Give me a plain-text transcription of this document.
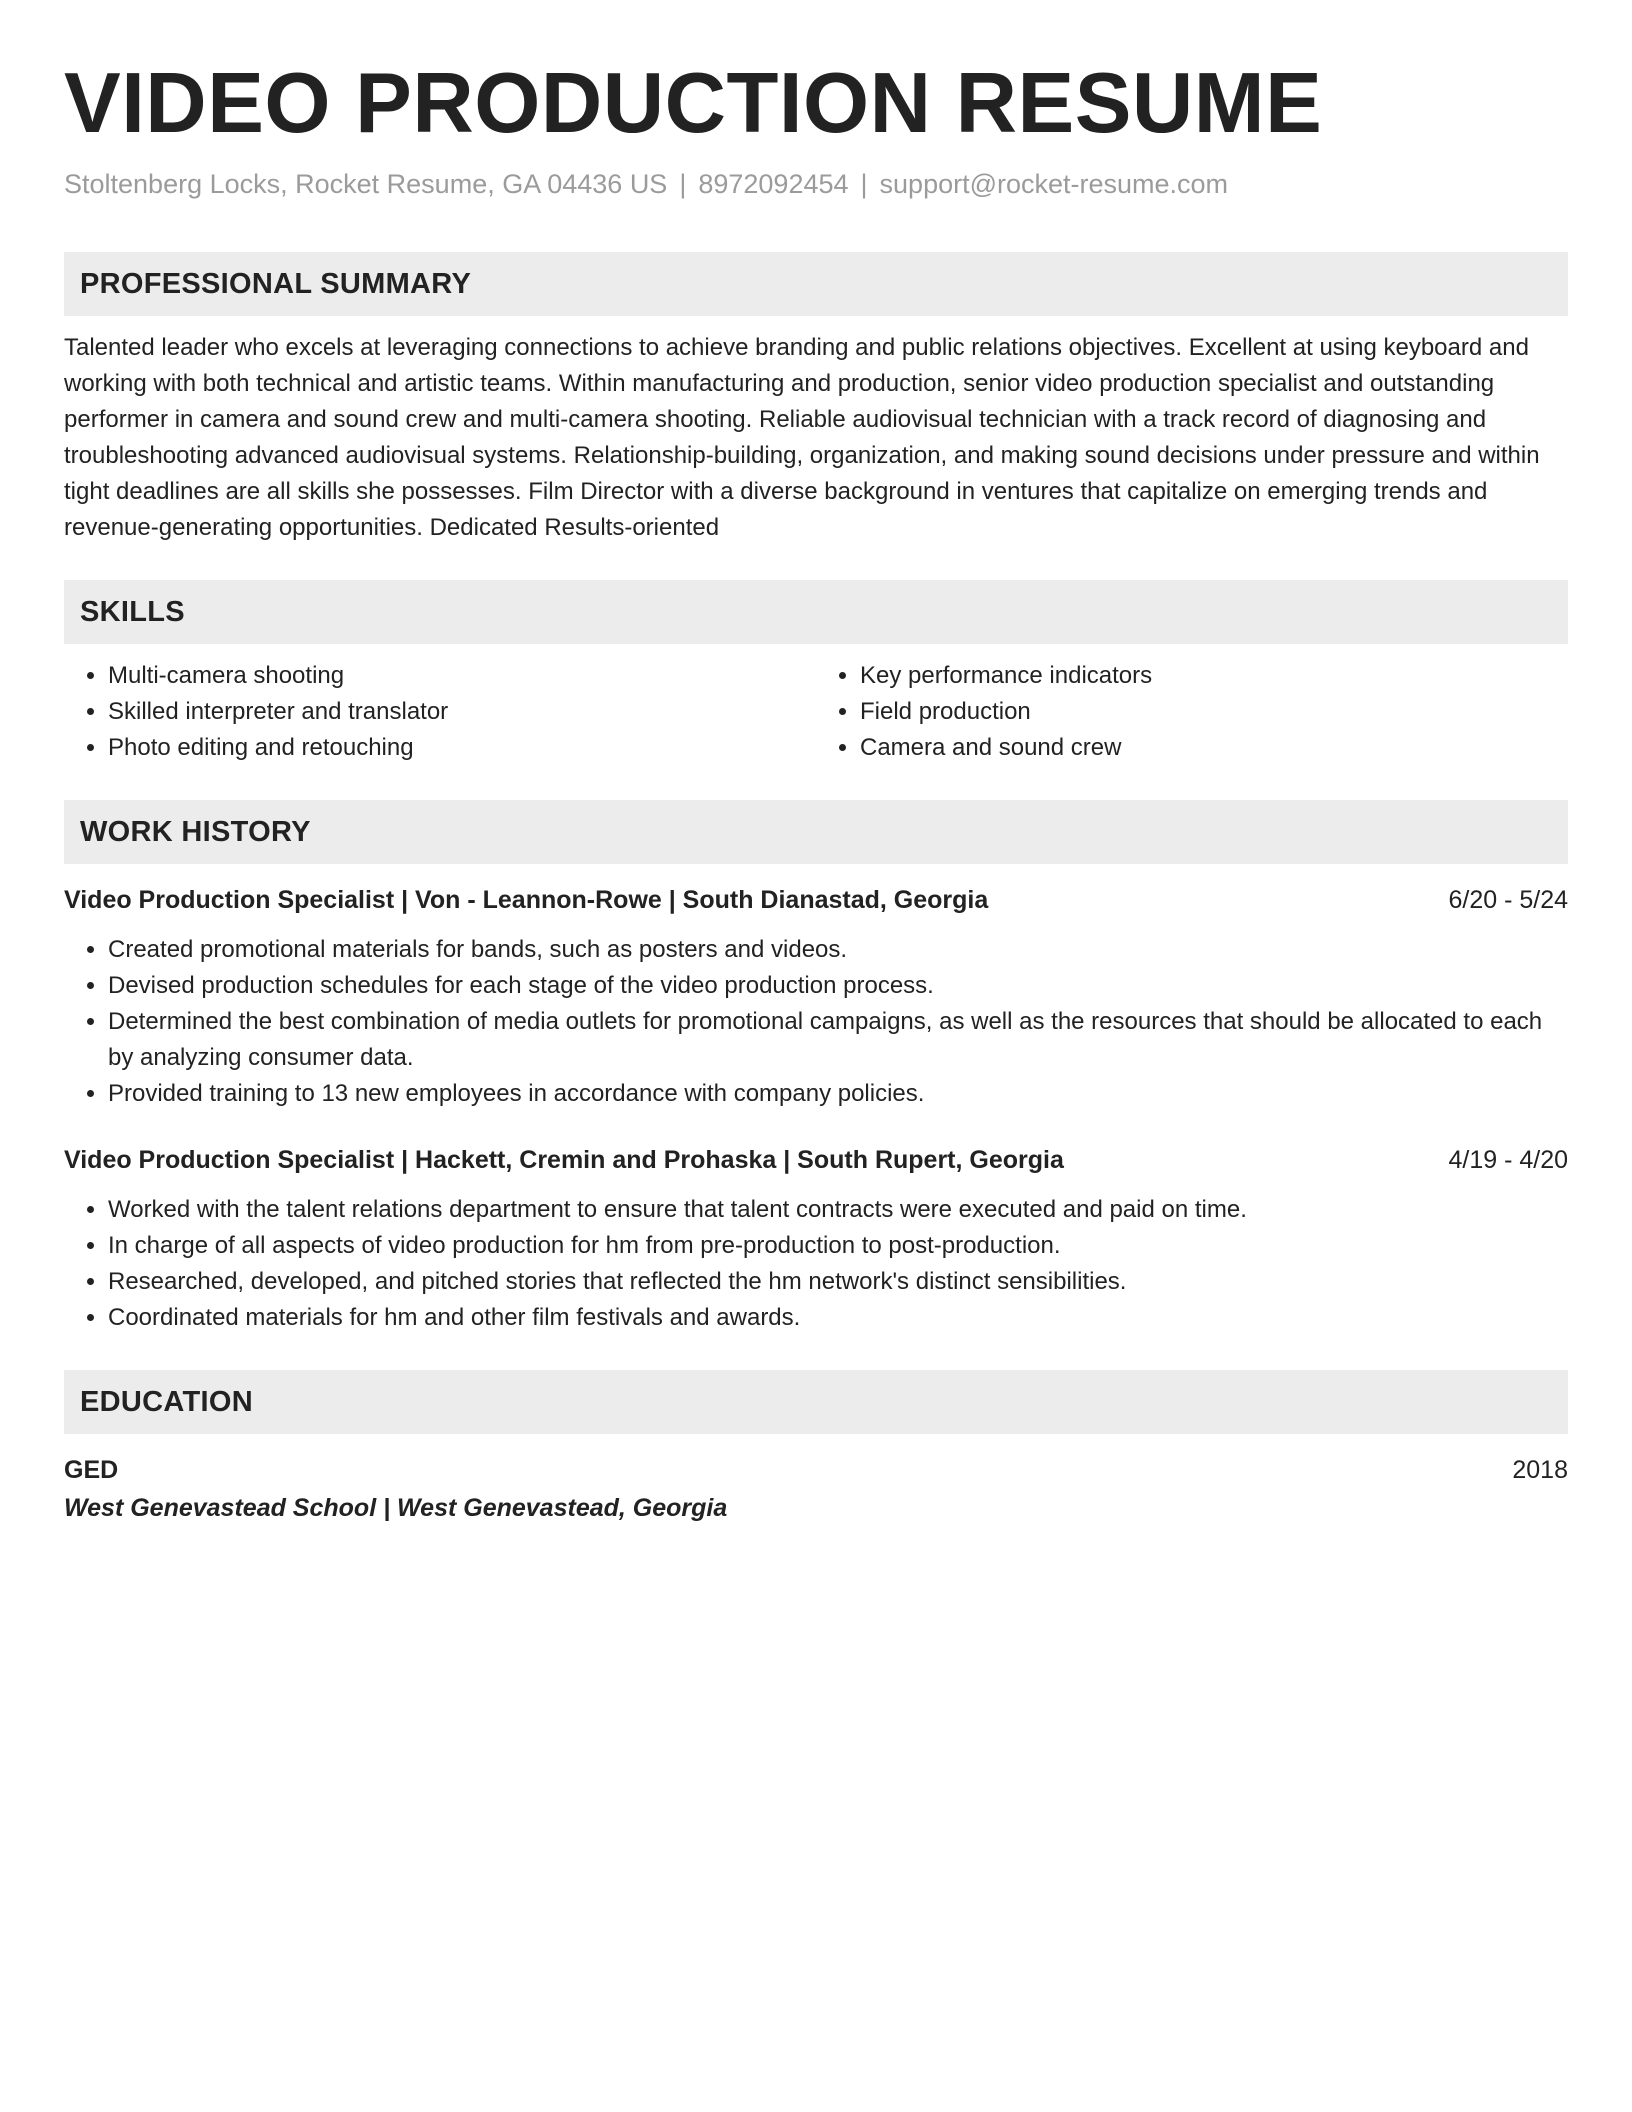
VIDEO PRODUCTION RESUME
Stoltenberg Locks, Rocket Resume, GA 04436 US | 8972092454 | support@rocket-resume.com
PROFESSIONAL SUMMARY
Talented leader who excels at leveraging connections to achieve branding and public relations objectives. Excellent at using keyboard and working with both technical and artistic teams. Within manufacturing and production, senior video production specialist and outstanding performer in camera and sound crew and multi-camera shooting. Reliable audiovisual technician with a track record of diagnosing and troubleshooting advanced audiovisual systems. Relationship-building, organization, and making sound decisions under pressure and within tight deadlines are all skills she possesses. Film Director with a diverse background in ventures that capitalize on emerging trends and revenue-generating opportunities. Dedicated Results-oriented
SKILLS
• Multi-camera shooting
• Skilled interpreter and translator
• Photo editing and retouching
• Key performance indicators
• Field production
• Camera and sound crew
WORK HISTORY
Video Production Specialist | Von - Leannon-Rowe | South Dianastad, Georgia	6/20 - 5/24
• Created promotional materials for bands, such as posters and videos.
• Devised production schedules for each stage of the video production process.
• Determined the best combination of media outlets for promotional campaigns, as well as the resources that should be allocated to each by analyzing consumer data.
• Provided training to 13 new employees in accordance with company policies.
Video Production Specialist | Hackett, Cremin and Prohaska | South Rupert, Georgia	4/19 - 4/20
• Worked with the talent relations department to ensure that talent contracts were executed and paid on time.
• In charge of all aspects of video production for hm from pre-production to post-production.
• Researched, developed, and pitched stories that reflected the hm network's distinct sensibilities.
• Coordinated materials for hm and other film festivals and awards.
EDUCATION
GED	2018
West Genevastead School | West Genevastead, Georgia
